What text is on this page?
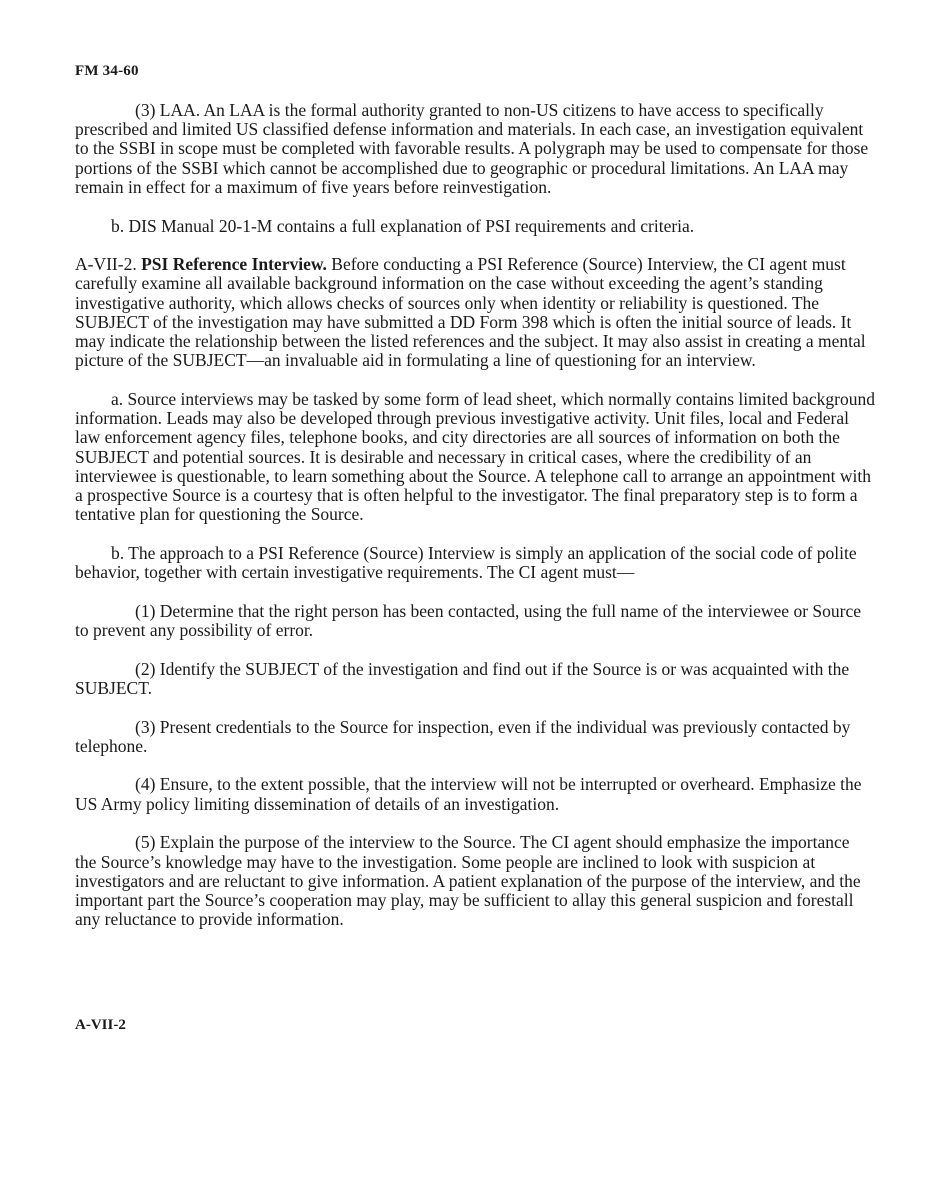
FM 34-60

(3) LAA. An LAA is the formal authority granted to non-US citizens to have access to specifically prescribed and limited US classified defense information and materials. In each case, an investigation equivalent to the SSBI in scope must be completed with favorable results. A polygraph may be used to compensate for those portions of the SSBI which cannot be accomplished due to geographic or procedural limitations. An LAA may remain in effect for a maximum of five years before reinvestigation.

b. DIS Manual 20-1-M contains a full explanation of PSI requirements and criteria.

A-VII-2. PSI Reference Interview. Before conducting a PSI Reference (Source) Interview, the CI agent must carefully examine all available background information on the case without exceeding the agent’s standing investigative authority, which allows checks of sources only when identity or reliability is questioned. The SUBJECT of the investigation may have submitted a DD Form 398 which is often the initial source of leads. It may indicate the relationship between the listed references and the subject. It may also assist in creating a mental picture of the SUBJECT—an invaluable aid in formulating a line of questioning for an interview.

a. Source interviews may be tasked by some form of lead sheet, which normally contains limited background information. Leads may also be developed through previous investigative activity. Unit files, local and Federal law enforcement agency files, telephone books, and city directories are all sources of information on both the SUBJECT and potential sources. It is desirable and necessary in critical cases, where the credibility of an interviewee is questionable, to learn something about the Source. A telephone call to arrange an appointment with a prospective Source is a courtesy that is often helpful to the investigator. The final preparatory step is to form a tentative plan for questioning the Source.

b. The approach to a PSI Reference (Source) Interview is simply an application of the social code of polite behavior, together with certain investigative requirements. The CI agent must—

(1) Determine that the right person has been contacted, using the full name of the interviewee or Source to prevent any possibility of error.

(2) Identify the SUBJECT of the investigation and find out if the Source is or was acquainted with the SUBJECT.

(3) Present credentials to the Source for inspection, even if the individual was previously contacted by telephone.

(4) Ensure, to the extent possible, that the interview will not be interrupted or overheard. Emphasize the US Army policy limiting dissemination of details of an investigation.

(5) Explain the purpose of the interview to the Source. The CI agent should emphasize the importance the Source’s knowledge may have to the investigation. Some people are inclined to look with suspicion at investigators and are reluctant to give information. A patient explanation of the purpose of the interview, and the important part the Source’s cooperation may play, may be sufficient to allay this general suspicion and forestall any reluctance to provide information.

A-VII-2
